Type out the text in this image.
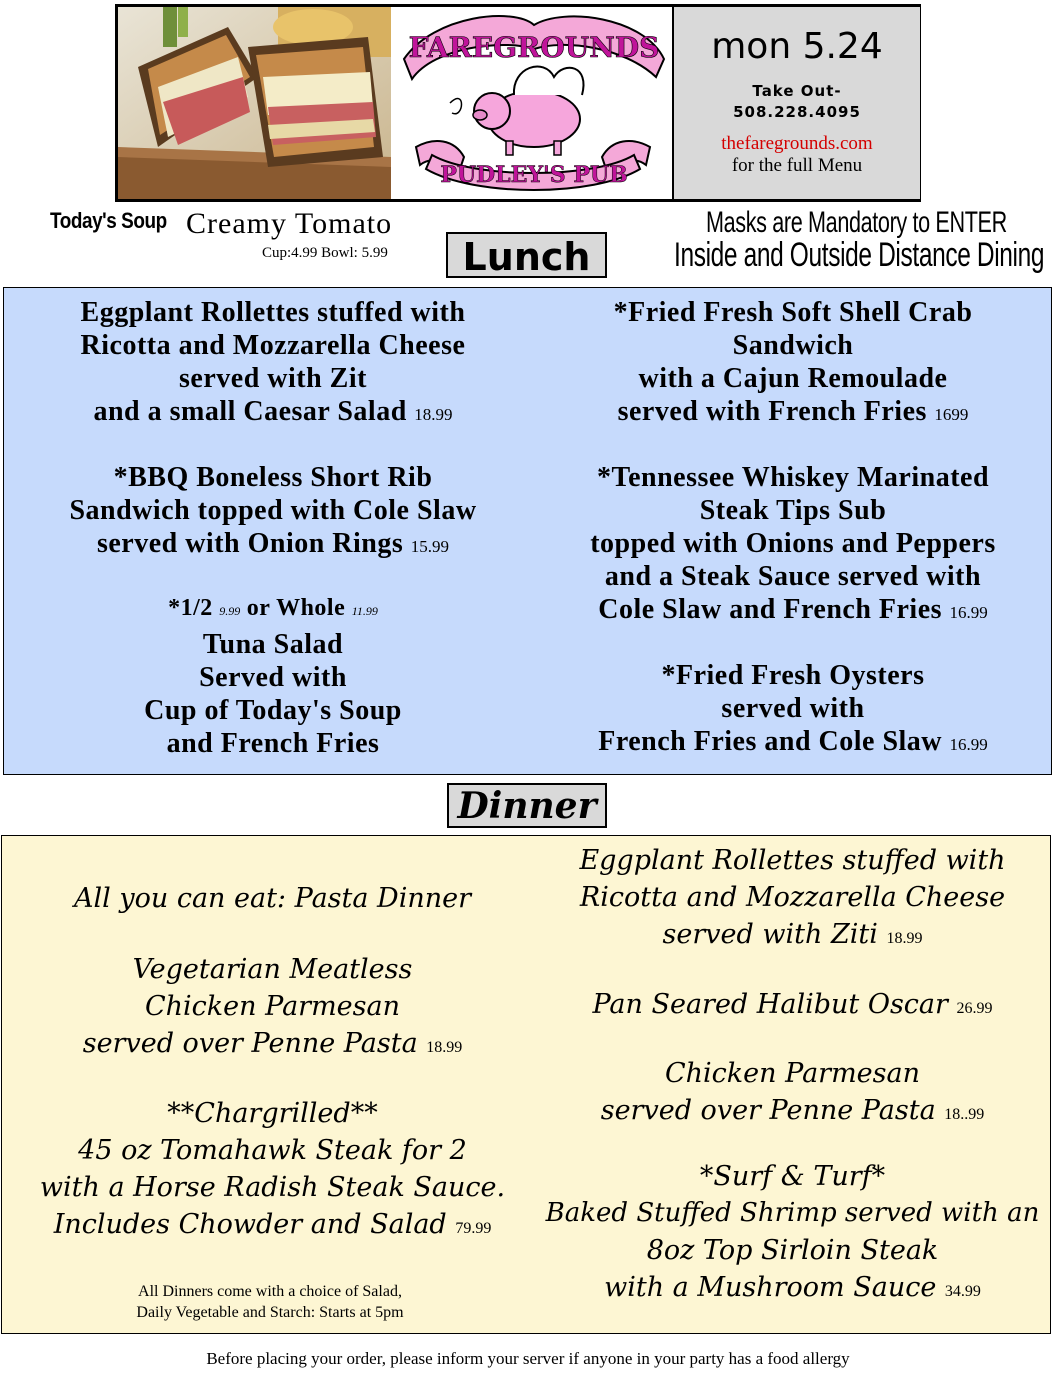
FAREGROUNDS
PUDLEY'S PUB
mon 5.24
Take Out-
508.228.4095
thefaregrounds.com
for the full Menu
Today's Soup Creamy Tomato
Cup:4.99 Bowl: 5.99	Lunch
Masks are Mandatory to ENTER
Inside and Outside Distance Dining
Eggplant Rollettes stuffed with
Ricotta and Mozzarella Cheese
served with Zit
and a small Caesar Salad 18.99
*BBQ Boneless Short Rib
Sandwich topped with Cole Slaw
served with Onion Rings 15.99
*1/2 9.99 or Whole 11.99
Tuna Salad
Served with
Cup of Today's Soup
and French Fries
*Fried Fresh Soft Shell Crab
Sandwich
with a Cajun Remoulade
served with French Fries 1699
*Tennessee Whiskey Marinated
Steak Tips Sub
topped with Onions and Peppers
and a Steak Sauce served with
Cole Slaw and French Fries 16.99
*Fried Fresh Oysters
served with
French Fries and Cole Slaw 16.99
Dinner
All you can eat: Pasta Dinner
Vegetarian Meatless
Chicken Parmesan
served over Penne Pasta 18.99
**Chargrilled**
45 oz Tomahawk Steak for 2
with a Horse Radish Steak Sauce.
Includes Chowder and Salad 79.99
All Dinners come with a choice of Salad,
Daily Vegetable and Starch: Starts at 5pm
Eggplant Rollettes stuffed with
Ricotta and Mozzarella Cheese
served with Ziti 18.99
Pan Seared Halibut Oscar 26.99
Chicken Parmesan
served over Penne Pasta 18..99
*Surf & Turf*
Baked Stuffed Shrimp served with an
8oz Top Sirloin Steak
with a Mushroom Sauce 34.99
Before placing your order, please inform your server if anyone in your party has a food allergy
